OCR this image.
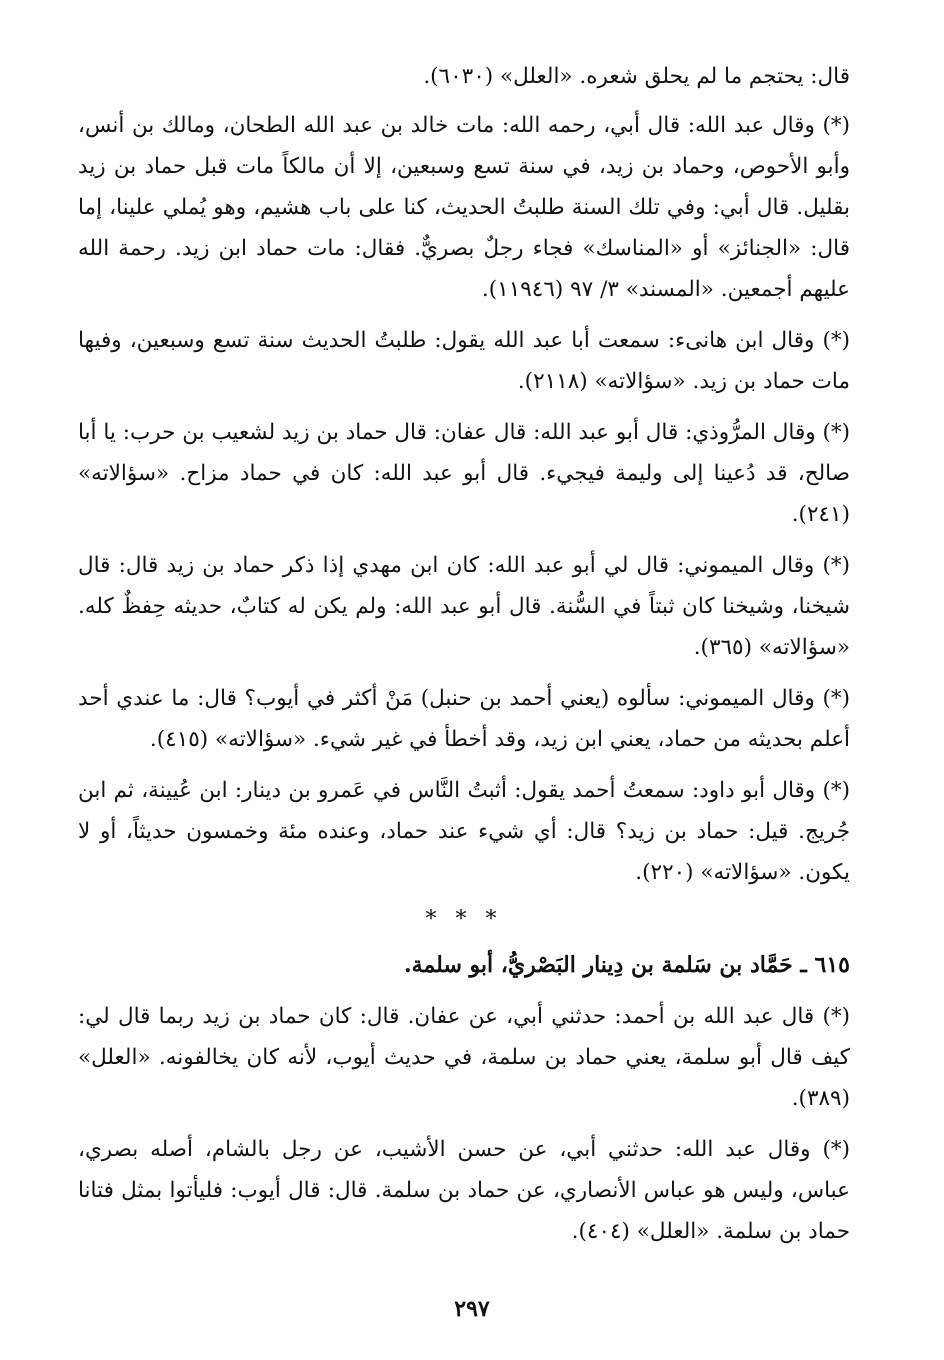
قال: يحتجم ما لم يحلق شعره. «العلل» (٦٠٣٠).

(*) وقال عبد الله: قال أبي، رحمه الله: مات خالد بن عبد الله الطحان، ومالك بن أنس، وأبو الأحوص، وحماد بن زيد، في سنة تسع وسبعين، إلا أن مالكاً مات قبل حماد بن زيد بقليل. قال أبي: وفي تلك السنة طلبتُ الحديث، كنا على باب هشيم، وهو يُملي علينا، إما قال: «الجنائز» أو «المناسك» فجاء رجلٌ بصريٌّ. فقال: مات حماد ابن زيد. رحمة الله عليهم أجمعين. «المسند» ٣/ ٩٧ (١١٩٤٦).

(*) وقال ابن هانىء: سمعت أبا عبد الله يقول: طلبتُ الحديث سنة تسع وسبعين، وفيها مات حماد بن زيد. «سؤالاته» (٢١١٨).

(*) وقال المرُّوذي: قال أبو عبد الله: قال عفان: قال حماد بن زيد لشعيب بن حرب: يا أبا صالح، قد دُعينا إلى وليمة فيجيء. قال أبو عبد الله: كان في حماد مزاح. «سؤالاته» (٢٤١).

(*) وقال الميموني: قال لي أبو عبد الله: كان ابن مهدي إذا ذكر حماد بن زيد قال: قال شيخنا، وشيخنا كان ثبتاً في السُّنة. قال أبو عبد الله: ولم يكن له كتابٌ، حديثه حِفظٌ كله. «سؤالاته» (٣٦٥).

(*) وقال الميموني: سألوه (يعني أحمد بن حنبل) مَنْ أكثر في أيوب؟ قال: ما عندي أحد أعلم بحديثه من حماد، يعني ابن زيد، وقد أخطأ في غير شيء. «سؤالاته» (٤١٥).

(*) وقال أبو داود: سمعتُ أحمد يقول: أثبتُ النَّاس في عَمرو بن دينار: ابن عُيينة، ثم ابن جُريج. قيل: حماد بن زيد؟ قال: أي شيء عند حماد، وعنده مئة وخمسون حديثاً، أو لا يكون. «سؤالاته» (٢٢٠).

* * *
٦١٥ ـ حَمَّاد بن سَلمة بن دِينار البَصْريُّ، أبو سلمة.

(*) قال عبد الله بن أحمد: حدثني أبي، عن عفان. قال: كان حماد بن زيد ربما قال لي: كيف قال أبو سلمة، يعني حماد بن سلمة، في حديث أيوب، لأنه كان يخالفونه. «العلل» (٣٨٩).

(*) وقال عبد الله: حدثني أبي، عن حسن الأشيب، عن رجل بالشام، أصله بصري، عباس، وليس هو عباس الأنصاري، عن حماد بن سلمة. قال: قال أيوب: فليأتوا بمثل فتانا حماد بن سلمة. «العلل» (٤٠٤).

٢٩٧
